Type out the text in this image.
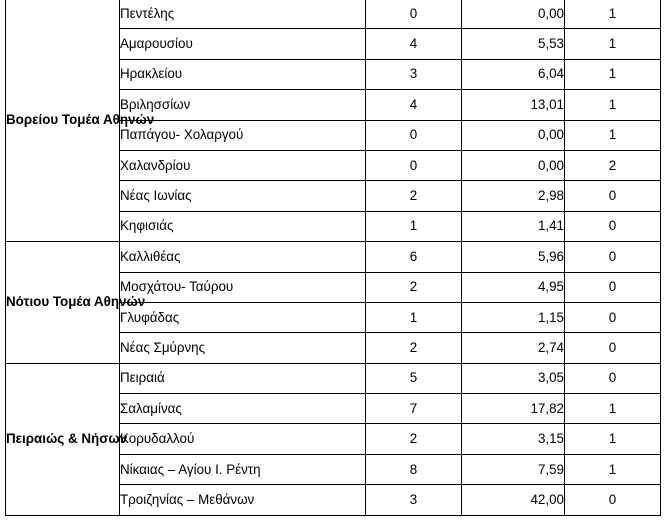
Βορείου Τομέα Αθηνών	Πεντέλης	0	0,00	1
	Αμαρουσίου	4	5,53	1
	Ηρακλείου	3	6,04	1
	Βριλησσίων	4	13,01	1
	Παπάγου- Χολαργού	0	0,00	1
	Χαλανδρίου	0	0,00	2
	Νέας Ιωνίας	2	2,98	0
	Κηφισιάς	1	1,41	0
Νότιου Τομέα Αθηνών	Καλλιθέας	6	5,96	0
	Μοσχάτου- Ταύρου	2	4,95	0
	Γλυφάδας	1	1,15	0
	Νέας Σμύρνης	2	2,74	0
Πειραιώς & Νήσων	Πειραιά	5	3,05	0
	Σαλαμίνας	7	17,82	1
	Κορυδαλλού	2	3,15	1
	Νίκαιας – Αγίου Ι. Ρέντη	8	7,59	1
	Τροιζηνίας – Μεθάνων	3	42,00	0
